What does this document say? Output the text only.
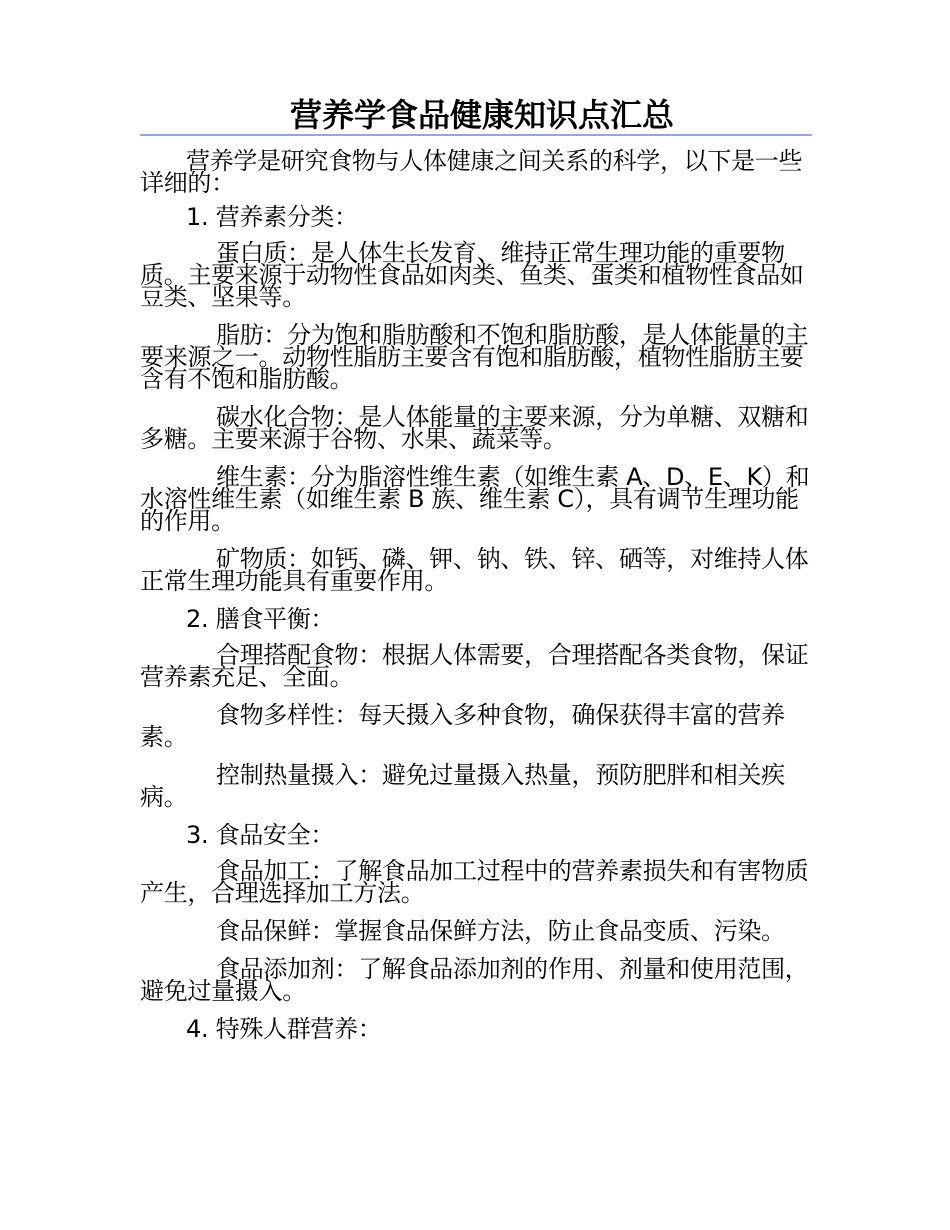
营养学食品健康知识点汇总

营养学是研究食物与人体健康之间关系的科学，以下是一些详细的：

1. 营养素分类：

蛋白质：是人体生长发育、维持正常生理功能的重要物质。主要来源于动物性食品如肉类、鱼类、蛋类和植物性食品如豆类、坚果等。

脂肪：分为饱和脂肪酸和不饱和脂肪酸，是人体能量的主要来源之一。动物性脂肪主要含有饱和脂肪酸，植物性脂肪主要含有不饱和脂肪酸。

碳水化合物：是人体能量的主要来源，分为单糖、双糖和多糖。主要来源于谷物、水果、蔬菜等。

维生素：分为脂溶性维生素（如维生素 A、D、E、K）和水溶性维生素（如维生素 B 族、维生素 C），具有调节生理功能的作用。

矿物质：如钙、磷、钾、钠、铁、锌、硒等，对维持人体正常生理功能具有重要作用。

2. 膳食平衡：

合理搭配食物：根据人体需要，合理搭配各类食物，保证营养素充足、全面。

食物多样性：每天摄入多种食物，确保获得丰富的营养素。

控制热量摄入：避免过量摄入热量，预防肥胖和相关疾病。

3. 食品安全：

食品加工：了解食品加工过程中的营养素损失和有害物质产生，合理选择加工方法。

食品保鲜：掌握食品保鲜方法，防止食品变质、污染。

食品添加剂：了解食品添加剂的作用、剂量和使用范围，避免过量摄入。

4. 特殊人群营养：
